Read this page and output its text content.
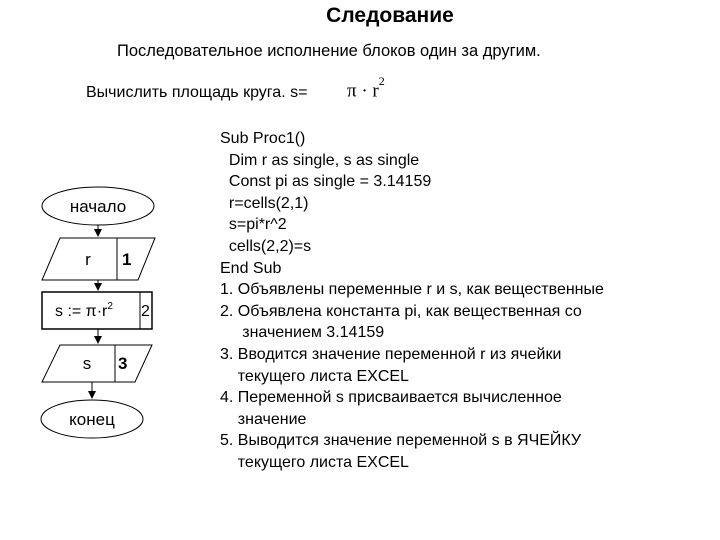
Следование
Последовательное исполнение блоков один за другим.
Вычислить площадь круга. $s= \pi \cdot r^2$
Sub Proc1()
Dim r as single, s as single
Const pi as single = 3.14159
r=cells(2,1)
s=pi*r^2
cells(2,2)=s
End Sub
1. Объявлены переменные r и s, как вещественные
2. Объявлена константа pi, как вещественная со
значением 3.14159
3. Вводится значение переменной r из ячейки
текущего листа EXCEL
4. Переменной s присваивается вычисленное
значение
5. Выводится значение переменной s в ЯЧЕЙКУ
текущего листа EXCEL
начало
r 1
s := $\pi\cdot r^2$ 2
s 3
конец
